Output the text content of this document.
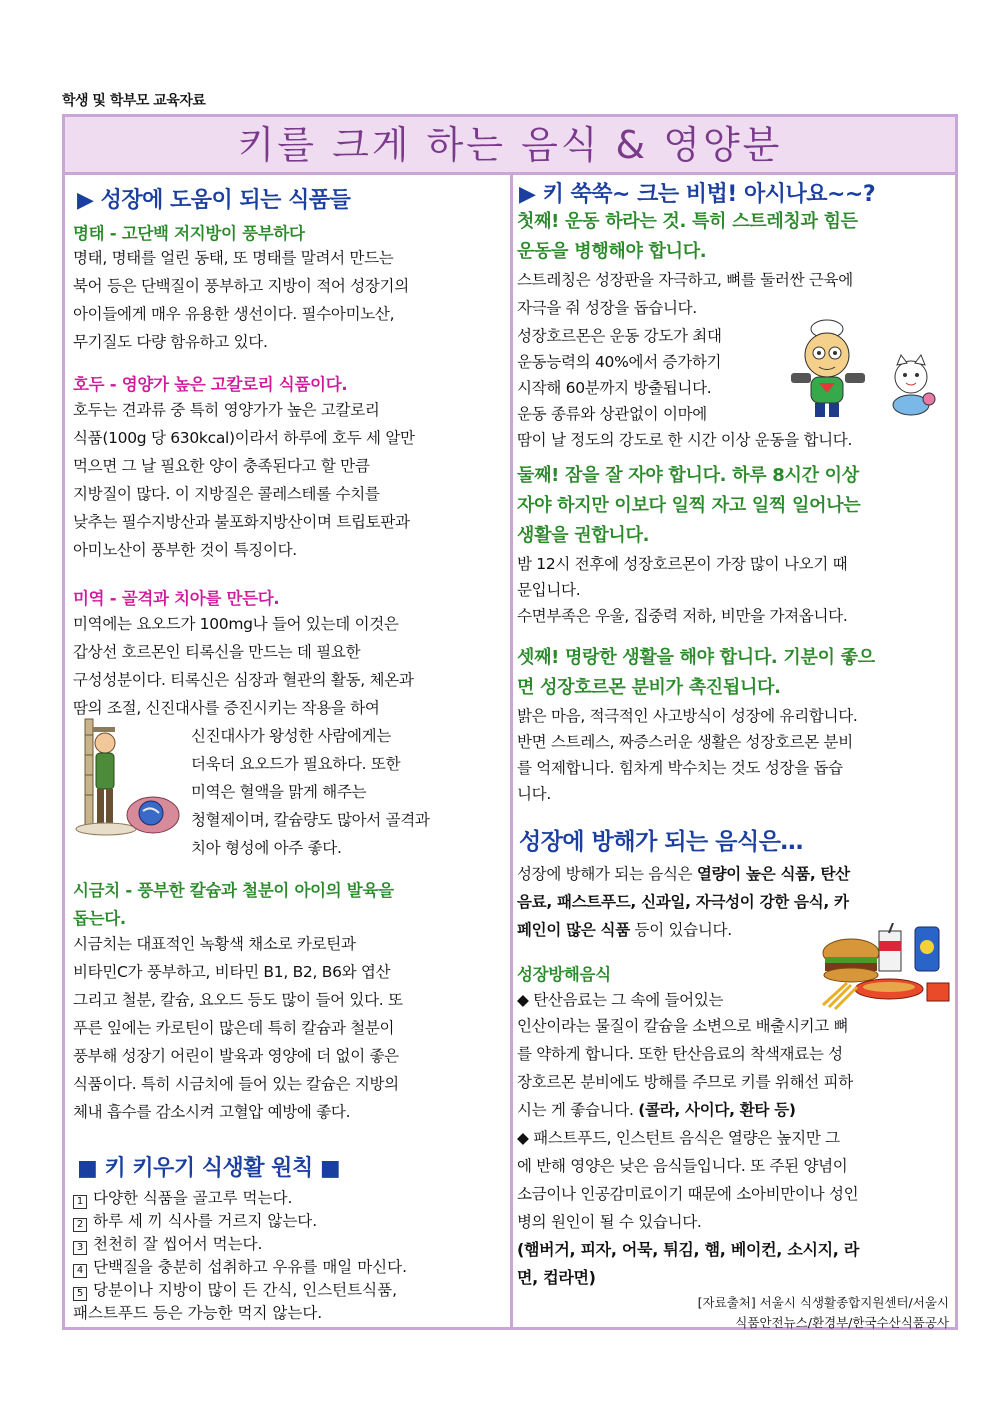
학생 및 학부모 교육자료
키를 크게 하는 음식 & 영양분
▶ 성장에 도움이 되는 식품들
명태 - 고단백 저지방이 풍부하다
명태, 명태를 얼린 동태, 또 명태를 말려서 만드는
북어 등은 단백질이 풍부하고 지방이 적어 성장기의
아이들에게 매우 유용한 생선이다. 필수아미노산,
무기질도 다량 함유하고 있다.
호두 - 영양가 높은 고칼로리 식품이다.
호두는 견과류 중 특히 영양가가 높은 고칼로리
식품(100g 당 630kcal)이라서 하루에 호두 세 알만
먹으면 그 날 필요한 양이 충족된다고 할 만큼
지방질이 많다. 이 지방질은 콜레스테롤 수치를
낮추는 필수지방산과 불포화지방산이며 트립토판과
아미노산이 풍부한 것이 특징이다.
미역 - 골격과 치아를 만든다.
미역에는 요오드가 100mg나 들어 있는데 이것은
갑상선 호르몬인 티록신을 만드는 데 필요한
구성성분이다. 티록신은 심장과 혈관의 활동, 체온과
땀의 조절, 신진대사를 증진시키는 작용을 하여
신진대사가 왕성한 사람에게는
더욱더 요오드가 필요하다. 또한
미역은 혈액을 맑게 해주는
청혈제이며, 칼슘량도 많아서 골격과
치아 형성에 아주 좋다.
시금치 - 풍부한 칼슘과 철분이 아이의 발육을
돕는다.
시금치는 대표적인 녹황색 채소로 카로틴과
비타민C가 풍부하고, 비타민 B1, B2, B6와 엽산
그리고 철분, 칼슘, 요오드 등도 많이 들어 있다. 또
푸른 잎에는 카로틴이 많은데 특히 칼슘과 철분이
풍부해 성장기 어린이 발육과 영양에 더 없이 좋은
식품이다. 특히 시금치에 들어 있는 칼슘은 지방의
체내 흡수를 감소시켜 고혈압 예방에 좋다.
■ 키 키우기 식생활 원칙 ■
1 다양한 식품을 골고루 먹는다.
2 하루 세 끼 식사를 거르지 않는다.
3 천천히 잘 씹어서 먹는다.
4 단백질을 충분히 섭취하고 우유를 매일 마신다.
5 당분이나 지방이 많이 든 간식, 인스턴트식품,
패스트푸드 등은 가능한 먹지 않는다.
▶ 키 쑥쑥~ 크는 비법! 아시나요~~?
첫째! 운동 하라는 것. 특히 스트레칭과 힘든
운동을 병행해야 합니다.
스트레칭은 성장판을 자극하고, 뼈를 둘러싼 근육에
자극을 줘 성장을 돕습니다.
성장호르몬은 운동 강도가 최대
운동능력의 40%에서 증가하기
시작해 60분까지 방출됩니다.
운동 종류와 상관없이 이마에
땀이 날 정도의 강도로 한 시간 이상 운동을 합니다.
둘째! 잠을 잘 자야 합니다. 하루 8시간 이상
자야 하지만 이보다 일찍 자고 일찍 일어나는
생활을 권합니다.
밤 12시 전후에 성장호르몬이 가장 많이 나오기 때
문입니다.
수면부족은 우울, 집중력 저하, 비만을 가져옵니다.
셋째! 명랑한 생활을 해야 합니다. 기분이 좋으
면 성장호르몬 분비가 촉진됩니다.
밝은 마음, 적극적인 사고방식이 성장에 유리합니다.
반면 스트레스, 짜증스러운 생활은 성장호르몬 분비
를 억제합니다. 힘차게 박수치는 것도 성장을 돕습
니다.
성장에 방해가 되는 음식은…
성장에 방해가 되는 음식은 열량이 높은 식품, 탄산
음료, 패스트푸드, 신과일, 자극성이 강한 음식, 카
페인이 많은 식품 등이 있습니다.
성장방해음식
◆ 탄산음료는 그 속에 들어있는
인산이라는 물질이 칼슘을 소변으로 배출시키고 뼈
를 약하게 합니다. 또한 탄산음료의 착색재료는 성
장호르몬 분비에도 방해를 주므로 키를 위해선 피하
시는 게 좋습니다. (콜라, 사이다, 환타 등)
◆ 패스트푸드, 인스턴트 음식은 열량은 높지만 그
에 반해 영양은 낮은 음식들입니다. 또 주된 양념이
소금이나 인공감미료이기 때문에 소아비만이나 성인
병의 원인이 될 수 있습니다.
(햄버거, 피자, 어묵, 튀김, 햄, 베이컨, 소시지, 라
면, 컵라면)
[자료출처] 서울시 식생활종합지원센터/서울시
식품안전뉴스/환경부/한국수산식품공사
